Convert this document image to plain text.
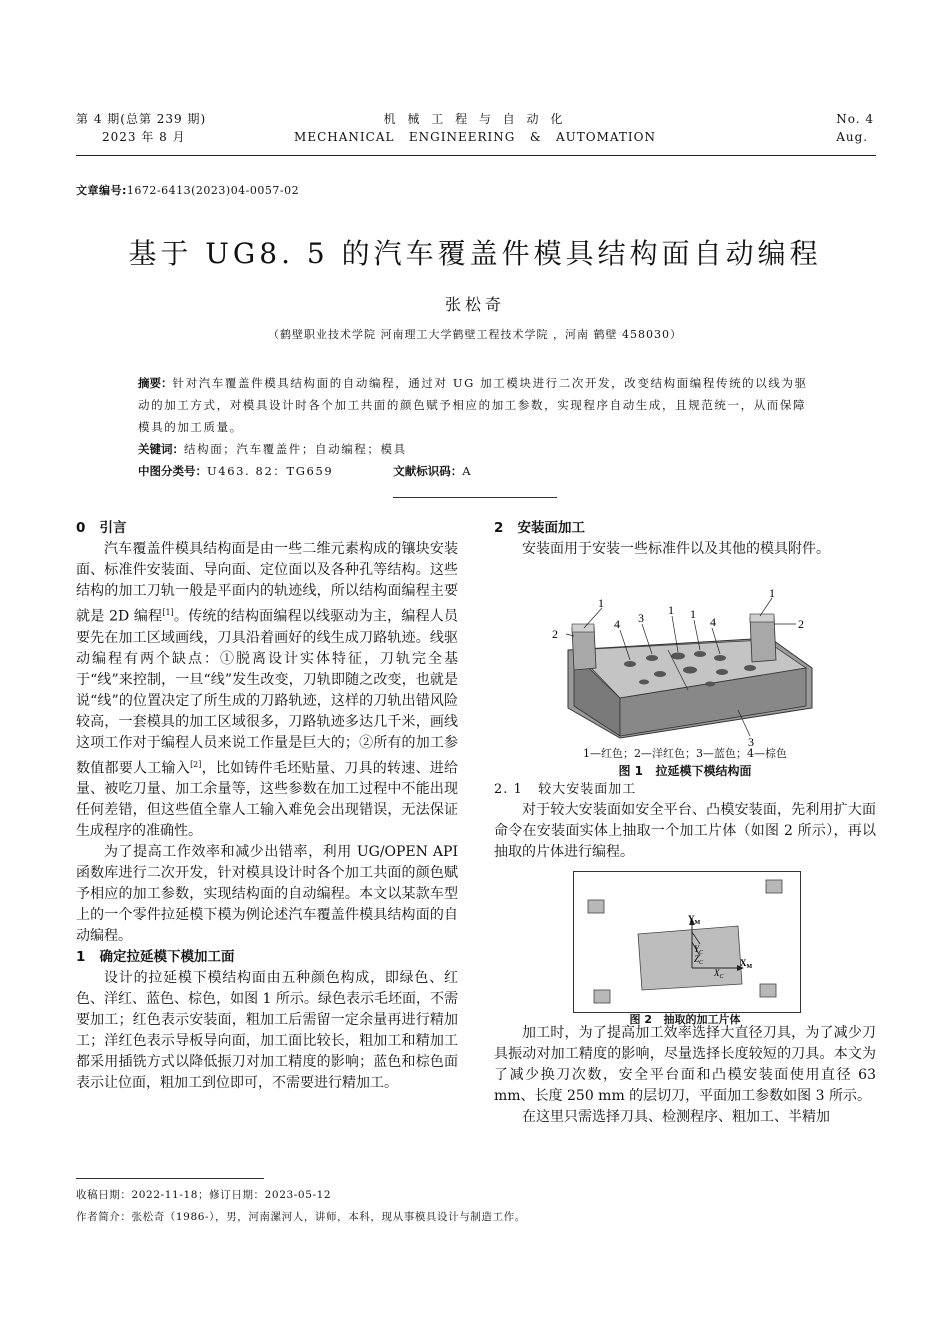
第 4 期(总第 239 期)
2023 年 8 月
机 械 工 程 与 自 动 化
MECHANICAL   ENGINEERING   &   AUTOMATION
No. 4
Aug.
文章编号:1672-6413(2023)04-0057-02
基于 UG8. 5 的汽车覆盖件模具结构面自动编程
张松奇
（鹤壁职业技术学院 河南理工大学鹤壁工程技术学院 ，河南 鹤壁 458030）

摘要：针对汽车覆盖件模具结构面的自动编程，通过对 UG 加工模块进行二次开发，改变结构面编程传统的以线为驱动的加工方式，对模具设计时各个加工共面的颜色赋予相应的加工参数，实现程序自动生成，且规范统一，从而保障模具的加工质量。

关键词：结构面；汽车覆盖件；自动编程；模具

中图分类号：U463. 82：TG659	文献标识码：A

0   引言

汽车覆盖件模具结构面是由一些二维元素构成的镶块安装面、标准件安装面、导向面、定位面以及各种孔等结构。这些结构的加工刀轨一般是平面内的轨迹线，所以结构面编程主要就是 2D 编程[1]。传统的结构面编程以线驱动为主，编程人员要先在加工区域画线，刀具沿着画好的线生成刀路轨迹。线驱动编程有两个缺点：①脱离设计实体特征，刀轨完全基于“线”来控制，一旦“线”发生改变，刀轨即随之改变，也就是说“线”的位置决定了所生成的刀路轨迹，这样的刀轨出错风险较高，一套模具的加工区域很多，刀路轨迹多达几千米，画线这项工作对于编程人员来说工作量是巨大的；②所有的加工参数值都要人工输入[2]，比如铸件毛坯贴量、刀具的转速、进给量、被吃刀量、加工余量等，这些参数在加工过程中不能出现任何差错，但这些值全靠人工输入难免会出现错误，无法保证生成程序的准确性。

为了提高工作效率和减少出错率，利用 UG/OPEN API 函数库进行二次开发，针对模具设计时各个加工共面的颜色赋予相应的加工参数，实现结构面的自动编程。本文以某款车型上的一个零件拉延模下模为例论述汽车覆盖件模具结构面的自动编程。

1   确定拉延模下模加工面

设计的拉延模下模结构面由五种颜色构成，即绿色、红色、洋红、蓝色、棕色，如图 1 所示。绿色表示毛坯面，不需要加工；红色表示安装面，粗加工后需留一定余量再进行精加工；洋红色表示导板导向面，加工面比较长，粗加工和精加工都采用插铣方式以降低振刀对加工精度的影响；蓝色和棕色面表示让位面，粗加工到位即可，不需要进行精加工。

2   安装面加工

安装面用于安装一些标准件以及其他的模具附件。

1	1 1
1
2
2
3
3
4	4
1—红色；2—洋红色；3—蓝色；4—棕色
图 1   拉延模下模结构面
2. 1   较大安装面加工

对于较大安装面如安全平台、凸模安装面，先利用扩大面命令在安装面实体上抽取一个加工片体（如图 2 所示），再以抽取的片体进行编程。

$Y_M$
$X_M$
$Y_C$
$Z_C$
$X_C$
图 2   抽取的加工片体

加工时，为了提高加工效率选择大直径刀具，为了减少刀具振动对加工精度的影响，尽量选择长度较短的刀具。本文为了减少换刀次数，安全平台面和凸模安装面使用直径 63 mm、长度 250 mm 的层切刀，平面加工参数如图 3 所示。

在这里只需选择刀具、检测程序、粗加工、半精加

收稿日期：2022-11-18；修订日期：2023-05-12
作者简介：张松奇（1986-），男，河南漯河人，讲师，本科，现从事模具设计与制造工作。
